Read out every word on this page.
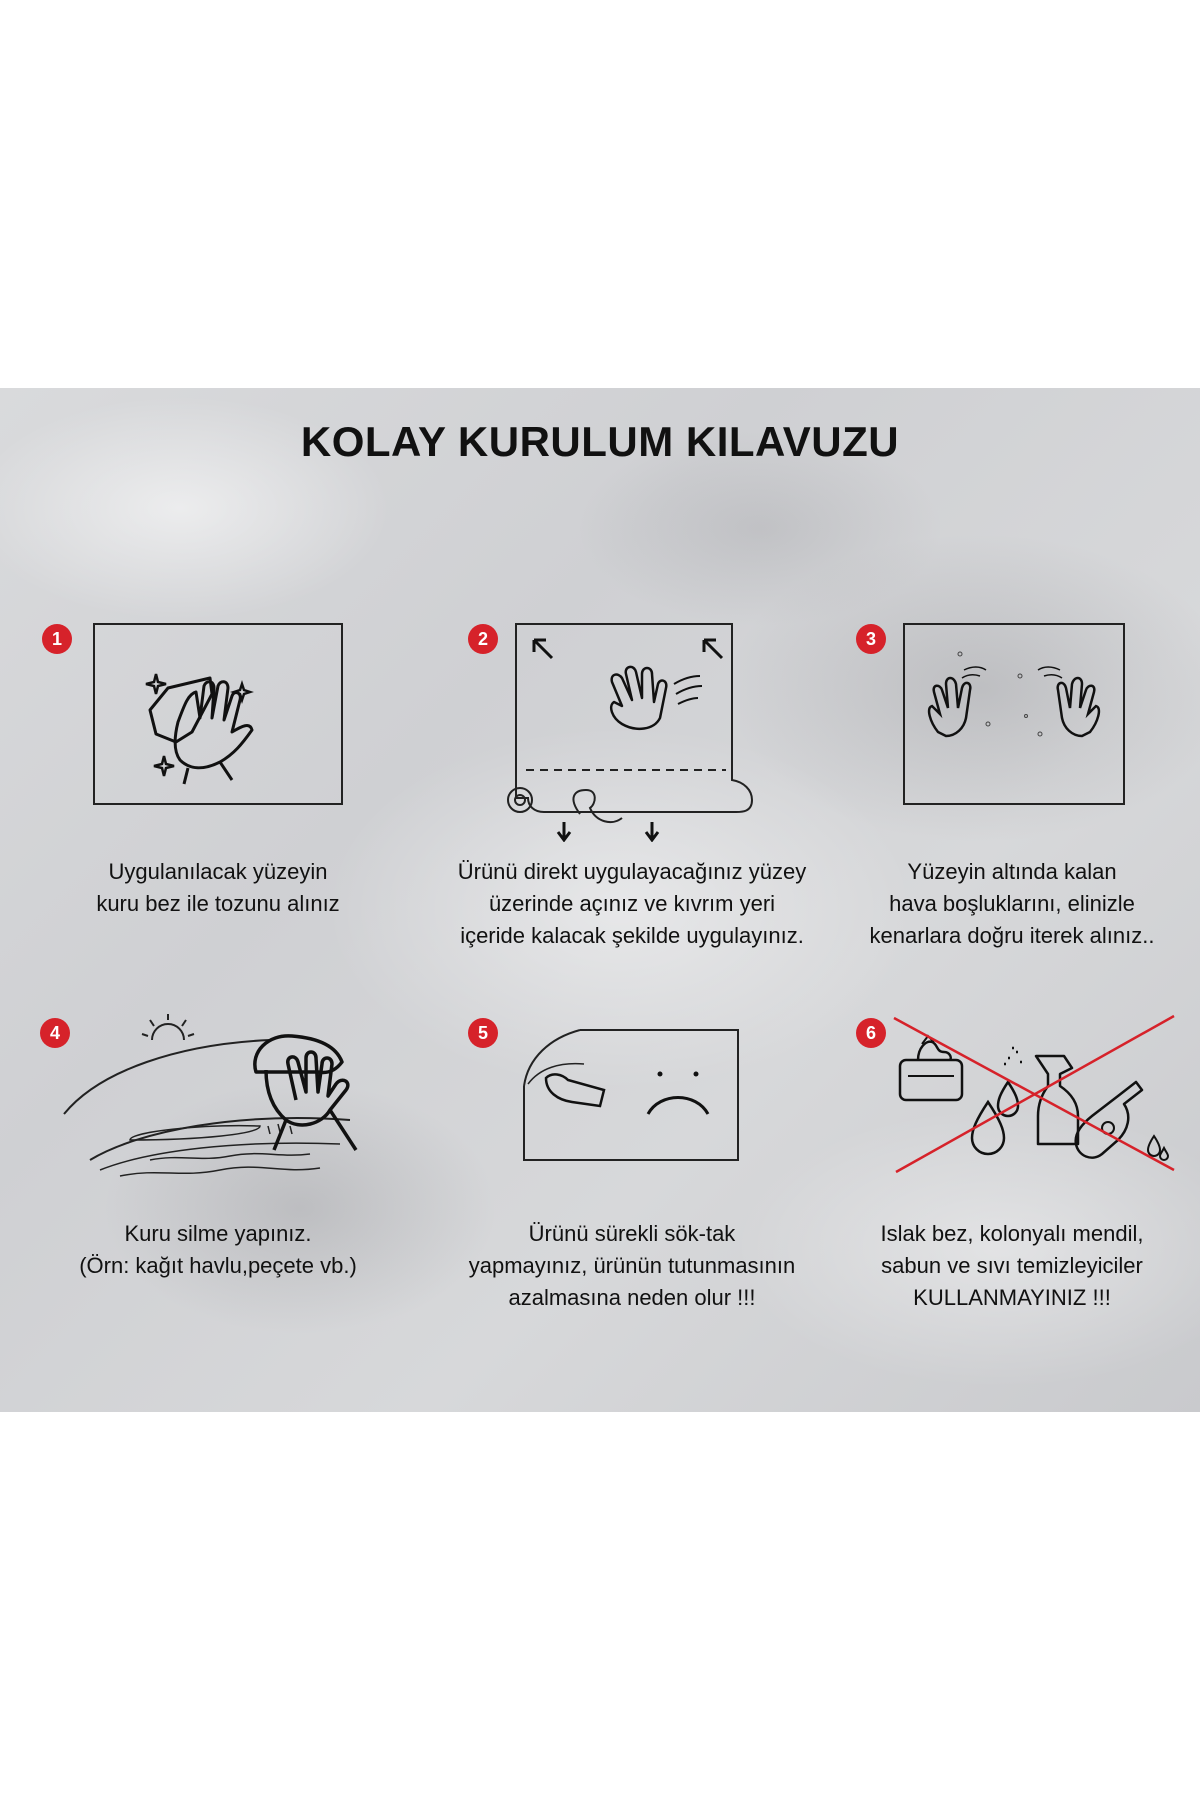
KOLAY KURULUM KILAVUZU
1
Uygulanılacak yüzeyin
kuru bez ile tozunu alınız
2
Ürünü direkt uygulayacağınız yüzey
üzerinde açınız ve kıvrım yeri
içeride kalacak şekilde uygulayınız.
3
Yüzeyin altında kalan
hava boşluklarını, elinizle
kenarlara doğru iterek alınız..
4
Kuru silme yapınız.
(Örn: kağıt havlu,peçete vb.)
5
Ürünü sürekli sök-tak
yapmayınız, ürünün tutunmasının
azalmasına neden olur !!!
6
Islak bez, kolonyalı mendil,
sabun ve sıvı temizleyiciler
KULLANMAYINIZ !!!
